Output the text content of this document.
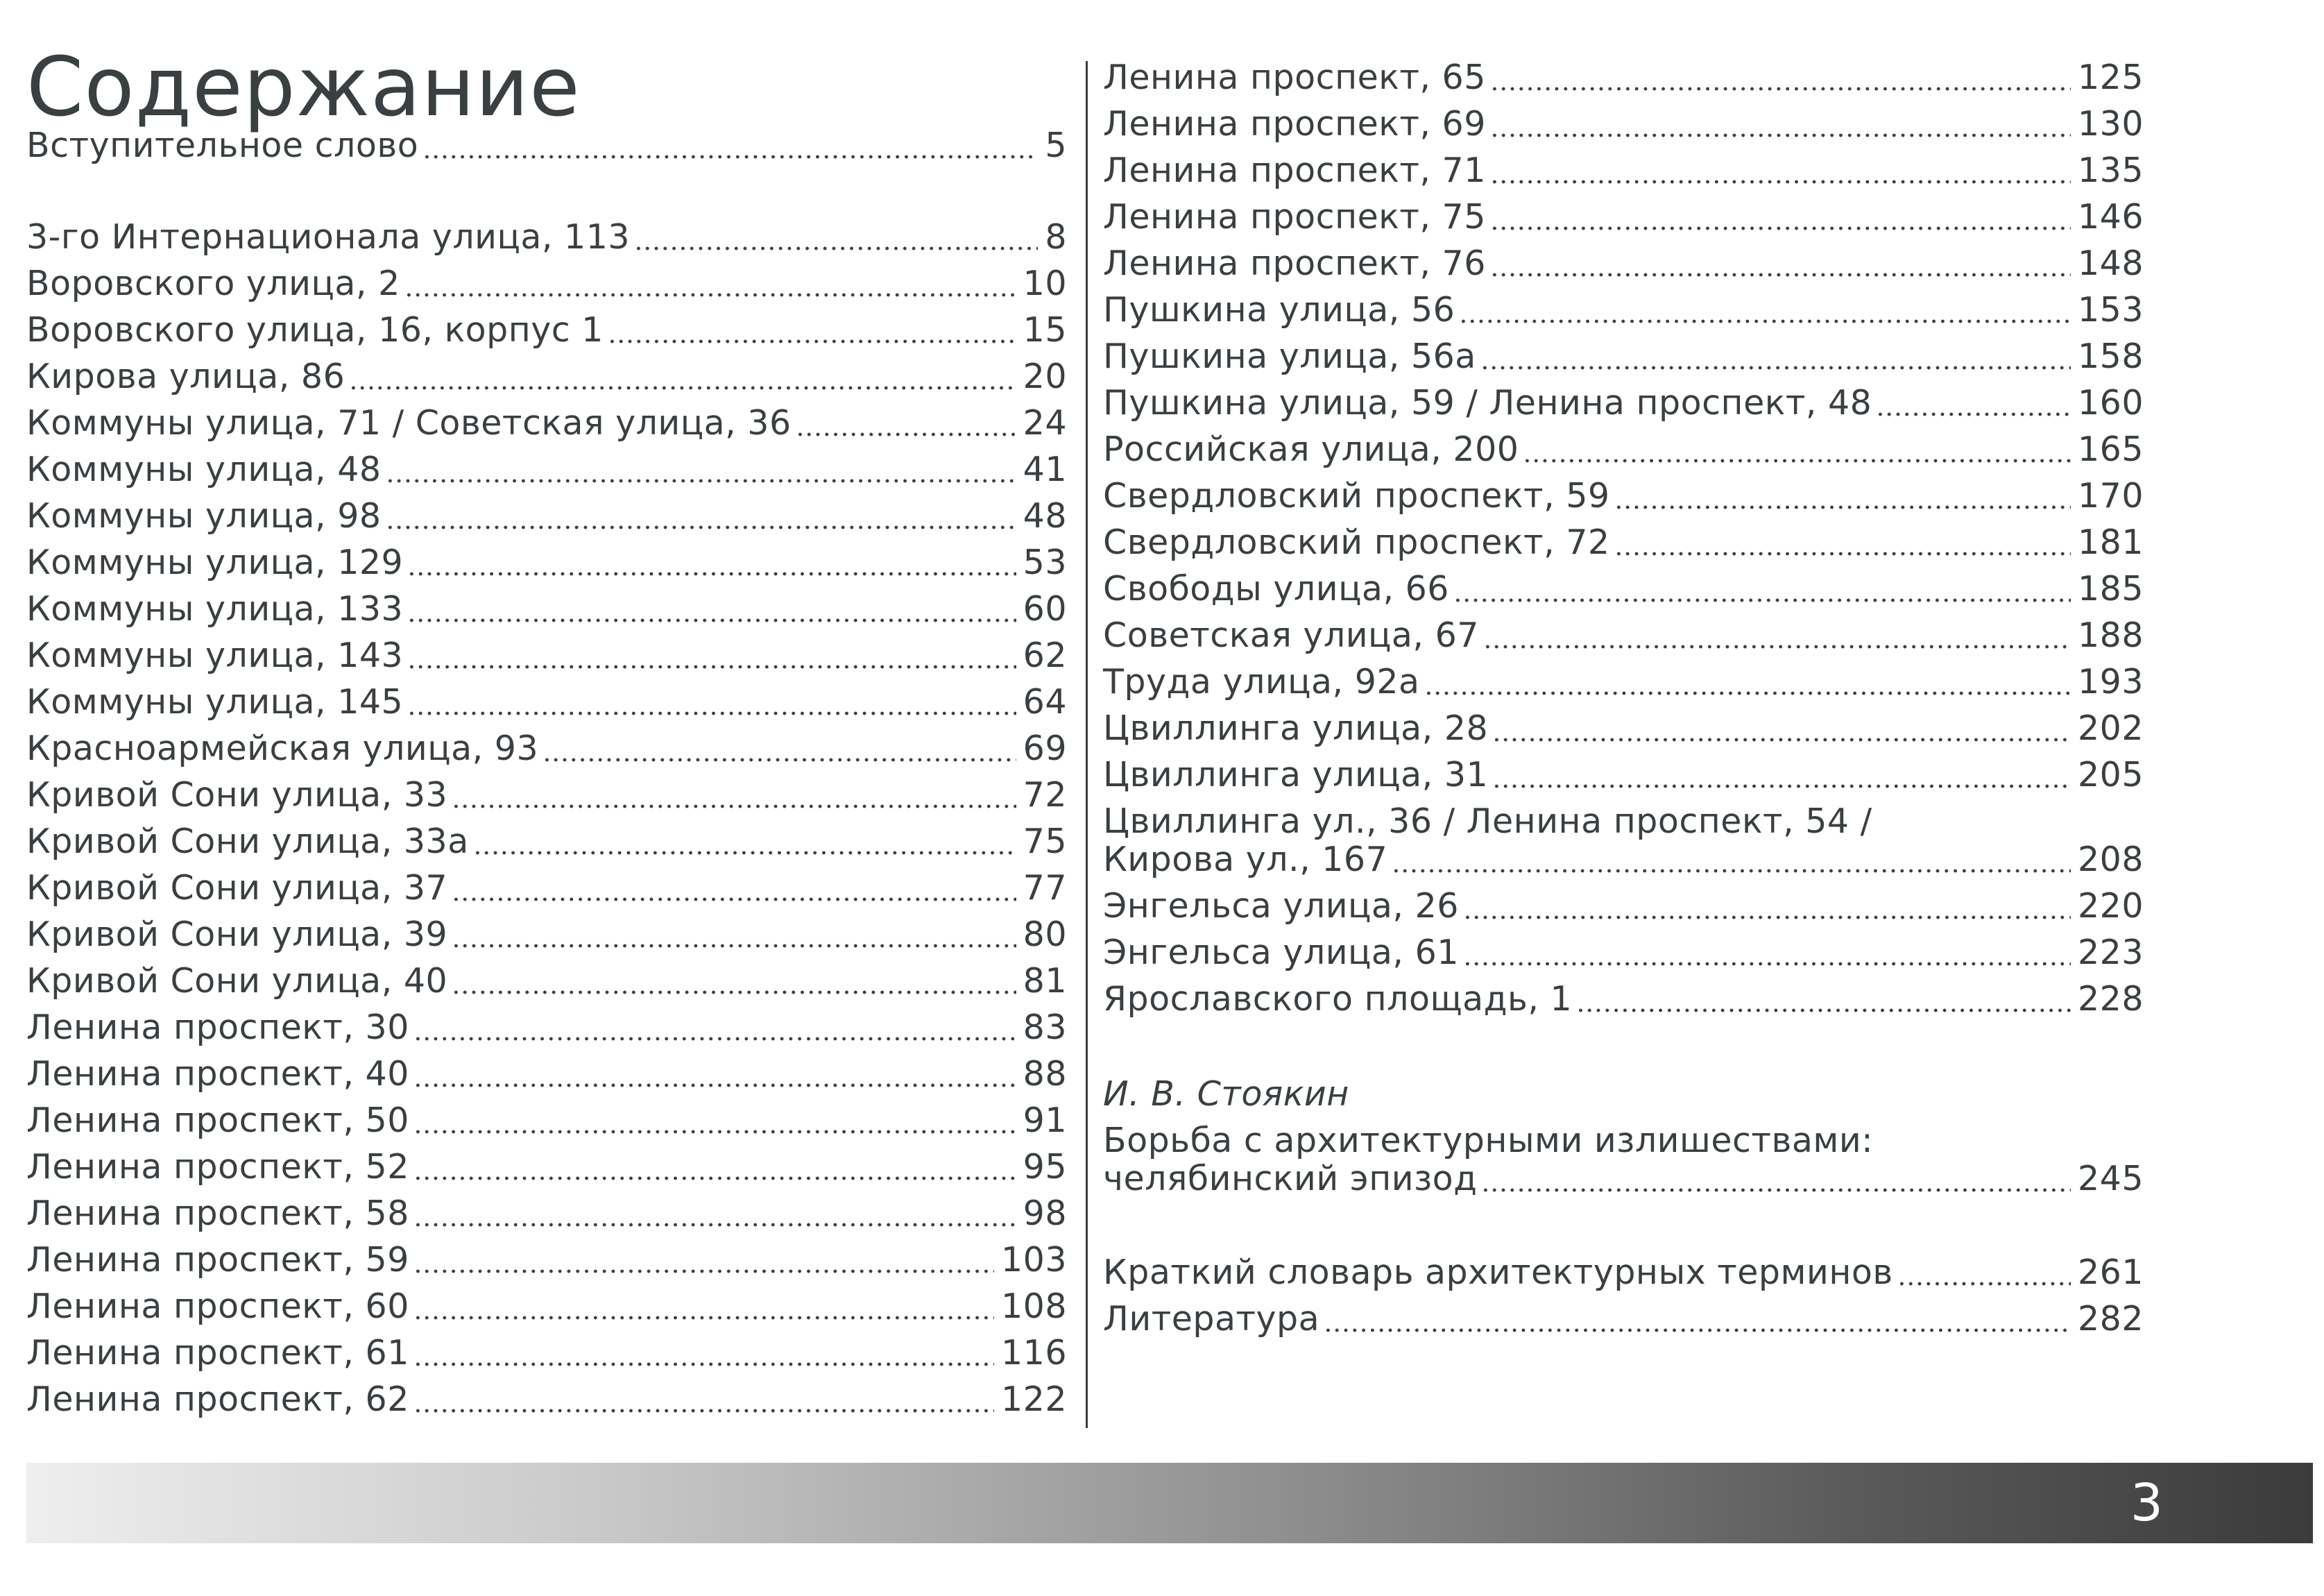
Содержание
Вступительное слово	5
3-го Интернационала улица, 113	8
Воровского улица, 2	10
Воровского улица, 16, корпус 1	15
Кирова улица, 86	20
Коммуны улица, 71 / Советская улица, 36	24
Коммуны улица, 48	41
Коммуны улица, 98	48
Коммуны улица, 129	53
Коммуны улица, 133	60
Коммуны улица, 143	62
Коммуны улица, 145	64
Красноармейская улица, 93	69
Кривой Сони улица, 33	72
Кривой Сони улица, 33а	75
Кривой Сони улица, 37	77
Кривой Сони улица, 39	80
Кривой Сони улица, 40	81
Ленина проспект, 30	83
Ленина проспект, 40	88
Ленина проспект, 50	91
Ленина проспект, 52	95
Ленина проспект, 58	98
Ленина проспект, 59	103
Ленина проспект, 60	108
Ленина проспект, 61	116
Ленина проспект, 62	122
Ленина проспект, 65	125
Ленина проспект, 69	130
Ленина проспект, 71	135
Ленина проспект, 75	146
Ленина проспект, 76	148
Пушкина улица, 56	153
Пушкина улица, 56а	158
Пушкина улица, 59 / Ленина проспект, 48	160
Российская улица, 200	165
Свердловский проспект, 59	170
Свердловский проспект, 72	181
Свободы улица, 66	185
Советская улица, 67	188
Труда улица, 92а	193
Цвиллинга улица, 28	202
Цвиллинга улица, 31	205
Цвиллинга ул., 36 / Ленина проспект, 54 /
Кирова ул., 167	208
Энгельса улица, 26	220
Энгельса улица, 61	223
Ярославского площадь, 1	228
И. В. Стоякин
Борьба с архитектурными излишествами:
челябинский эпизод	245
Краткий словарь архитектурных терминов	261
Литература	282
3
